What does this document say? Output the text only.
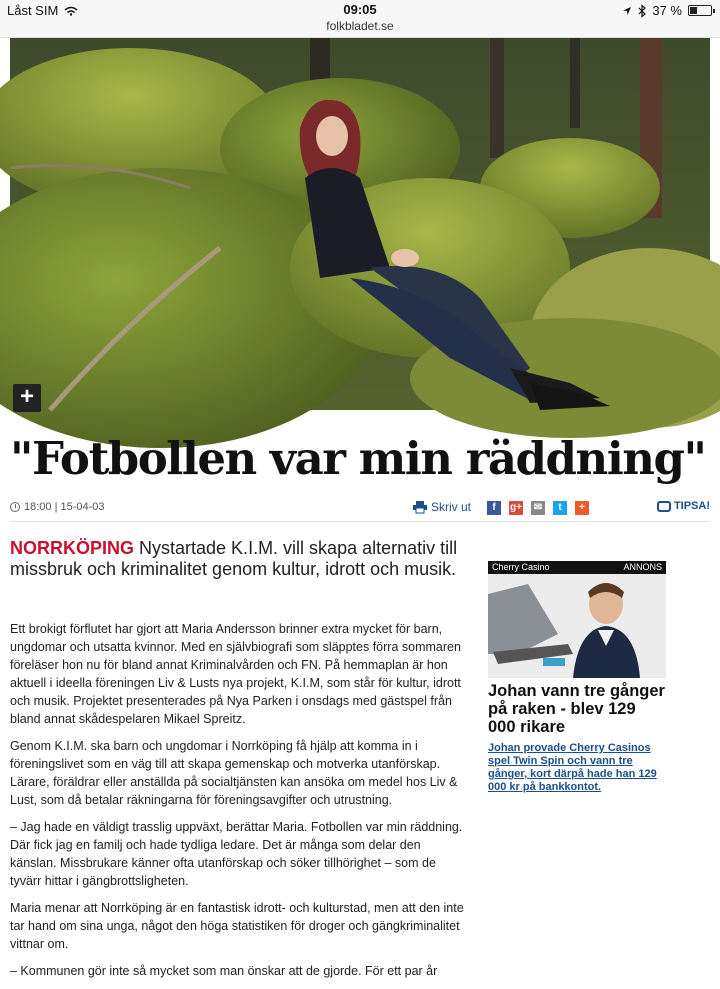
Låst SIM	09:05
folkbladet.se
37 %
+
"Fotbollen var min räddning"
18:00 | 15-04-03	Skriv ut	f	g+ ✉	t	+	TIPSA!
NORRKÖPING Nystartade K.I.M. vill skapa alternativ till missbruk och kriminalitet genom kultur, idrott och musik.

Ett brokigt förflutet har gjort att Maria Andersson brinner extra mycket för barn, ungdomar och utsatta kvinnor. Med en självbiografi som släpptes förra sommaren föreläser hon nu för bland annat Kriminalvården och FN. På hemmaplan är hon aktuell i ideella föreningen Liv & Lusts nya projekt, K.I.M, som står för kultur, idrott och musik. Projektet presenterades på Nya Parken i onsdags med gästspel från bland annat skådespelaren Mikael Spreitz.

Genom K.I.M. ska barn och ungdomar i Norrköping få hjälp att komma in i föreningslivet som en väg till att skapa gemenskap och motverka utanförskap. Lärare, föräldrar eller anställda på socialtjänsten kan ansöka om medel hos Liv & Lust, som då betalar räkningarna för föreningsavgifter och utrustning.

– Jag hade en väldigt trasslig uppväxt, berättar Maria. Fotbollen var min räddning. Där fick jag en familj och hade tydliga ledare. Det är många som delar den känslan. Missbrukare känner ofta utanförskap och söker tillhörighet – som de tyvärr hittar i gängbrottsligheten.

Maria menar att Norrköping är en fantastisk idrott- och kulturstad, men att den inte tar hand om sina unga, något den höga statistiken för droger och gängkriminalitet vittnar om.

– Kommunen gör inte så mycket som man önskar att de gjorde. För ett par år

Cherry Casino	ANNONS
Johan vann tre gånger på raken - blev 129 000 rikare
Johan provade Cherry Casinos spel Twin Spin och vann tre gånger, kort därpå hade han 129 000 kr på bankkontot.
